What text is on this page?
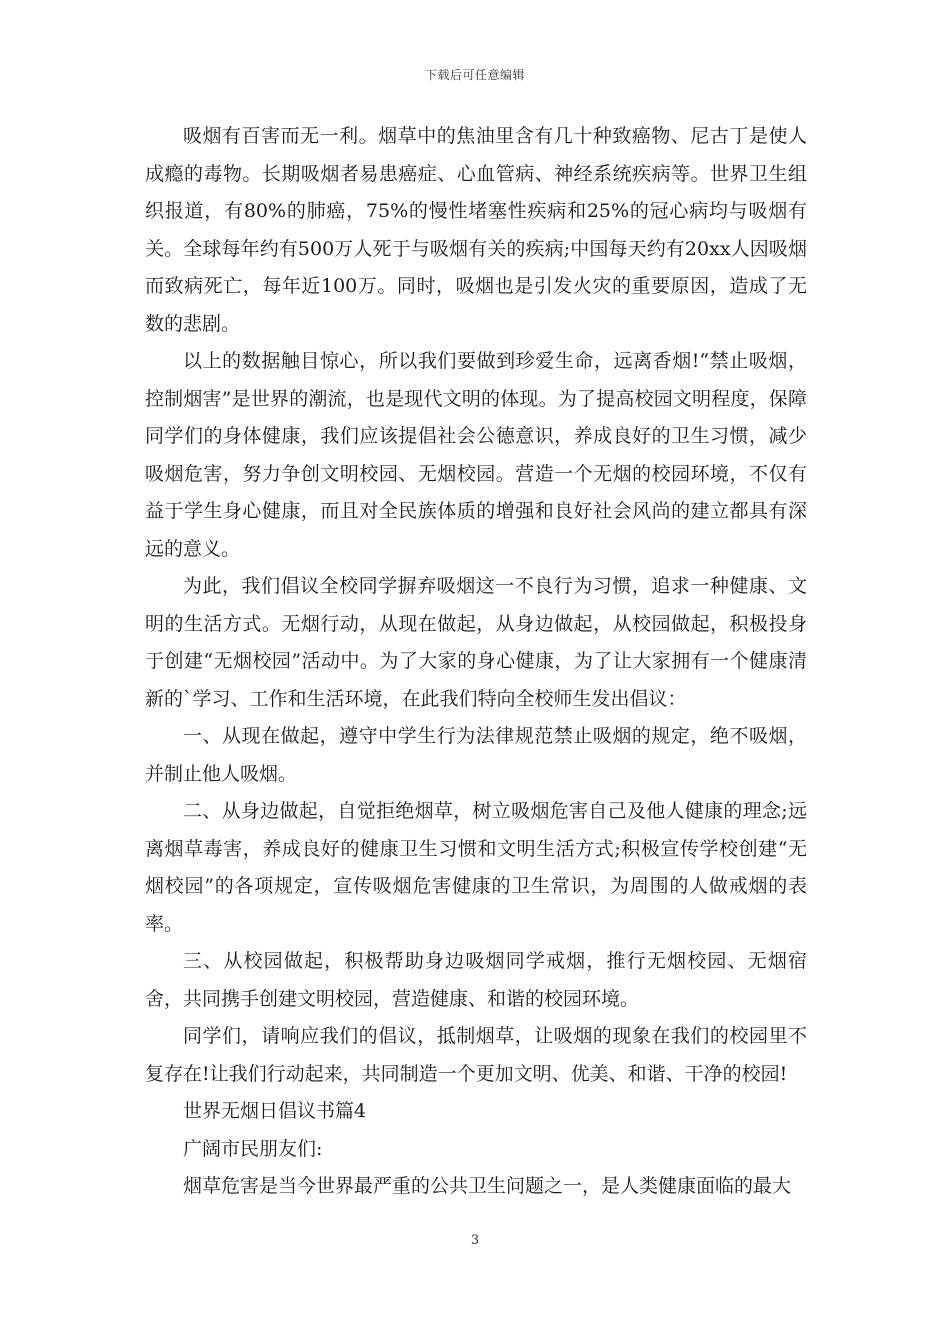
下载后可任意编辑

吸烟有百害而无一利。烟草中的焦油里含有几十种致癌物、尼古丁是使人成瘾的毒物。长期吸烟者易患癌症、心血管病、神经系统疾病等。世界卫生组织报道，有80%的肺癌，75%的慢性堵塞性疾病和25%的冠心病均与吸烟有关。全球每年约有500万人死于与吸烟有关的疾病;中国每天约有20xx人因吸烟而致病死亡，每年近100万。同时，吸烟也是引发火灾的重要原因，造成了无数的悲剧。

以上的数据触目惊心，所以我们要做到珍爱生命，远离香烟!“禁止吸烟，控制烟害”是世界的潮流，也是现代文明的体现。为了提高校园文明程度，保障同学们的身体健康，我们应该提倡社会公德意识，养成良好的卫生习惯，减少吸烟危害，努力争创文明校园、无烟校园。营造一个无烟的校园环境，不仅有益于学生身心健康，而且对全民族体质的增强和良好社会风尚的建立都具有深远的意义。

为此，我们倡议全校同学摒弃吸烟这一不良行为习惯，追求一种健康、文明的生活方式。无烟行动，从现在做起，从身边做起，从校园做起，积极投身于创建“无烟校园”活动中。为了大家的身心健康，为了让大家拥有一个健康清新的`学习、工作和生活环境，在此我们特向全校师生发出倡议：

一、从现在做起，遵守中学生行为法律规范禁止吸烟的规定，绝不吸烟，并制止他人吸烟。

二、从身边做起，自觉拒绝烟草，树立吸烟危害自己及他人健康的理念;远离烟草毒害，养成良好的健康卫生习惯和文明生活方式;积极宣传学校创建“无烟校园”的各项规定，宣传吸烟危害健康的卫生常识，为周围的人做戒烟的表率。

三、从校园做起，积极帮助身边吸烟同学戒烟，推行无烟校园、无烟宿舍，共同携手创建文明校园，营造健康、和谐的校园环境。

同学们，请响应我们的倡议，抵制烟草，让吸烟的现象在我们的校园里不复存在!让我们行动起来，共同制造一个更加文明、优美、和谐、干净的校园!

世界无烟日倡议书篇4

广阔市民朋友们:

烟草危害是当今世界最严重的公共卫生问题之一，是人类健康面临的最大

3
